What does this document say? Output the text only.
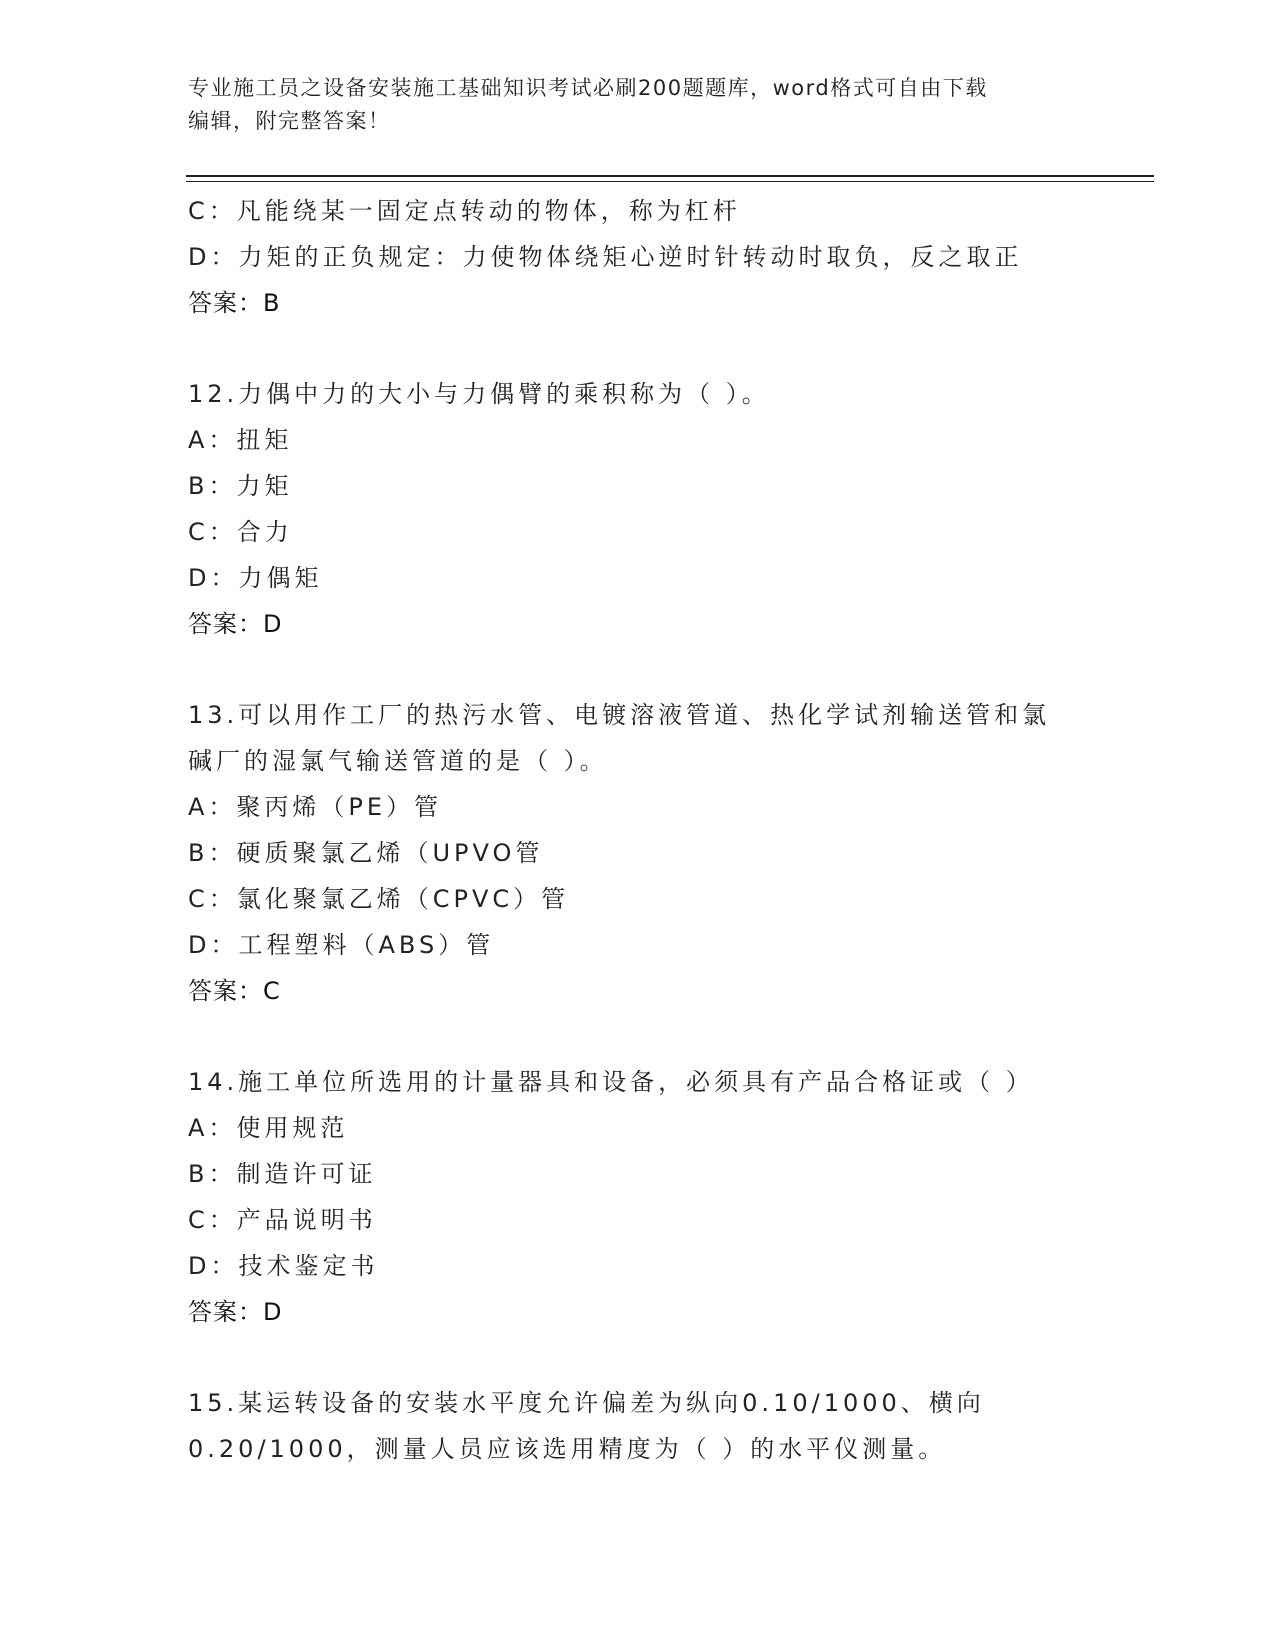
专业施工员之设备安装施工基础知识考试必刷200题题库，word格式可自由下载
编辑，附完整答案！
C：凡能绕某一固定点转动的物体，称为杠杆
D：力矩的正负规定：力使物体绕矩心逆时针转动时取负，反之取正
答案：B
12.力偶中力的大小与力偶臂的乘积称为（ ）。
A：扭矩
B：力矩
C：合力
D：力偶矩
答案：D
13.可以用作工厂的热污水管、电镀溶液管道、热化学试剂输送管和氯
碱厂的湿氯气输送管道的是（ ）。
A：聚丙烯（PE）管
B：硬质聚氯乙烯（UPVO管
C：氯化聚氯乙烯（CPVC）管
D：工程塑料（ABS）管
答案：C
14.施工单位所选用的计量器具和设备，必须具有产品合格证或（ ）
A：使用规范
B：制造许可证
C：产品说明书
D：技术鉴定书
答案：D
15.某运转设备的安装水平度允许偏差为纵向0.10/1000、横向
0.20/1000，测量人员应该选用精度为（ ）的水平仪测量。
